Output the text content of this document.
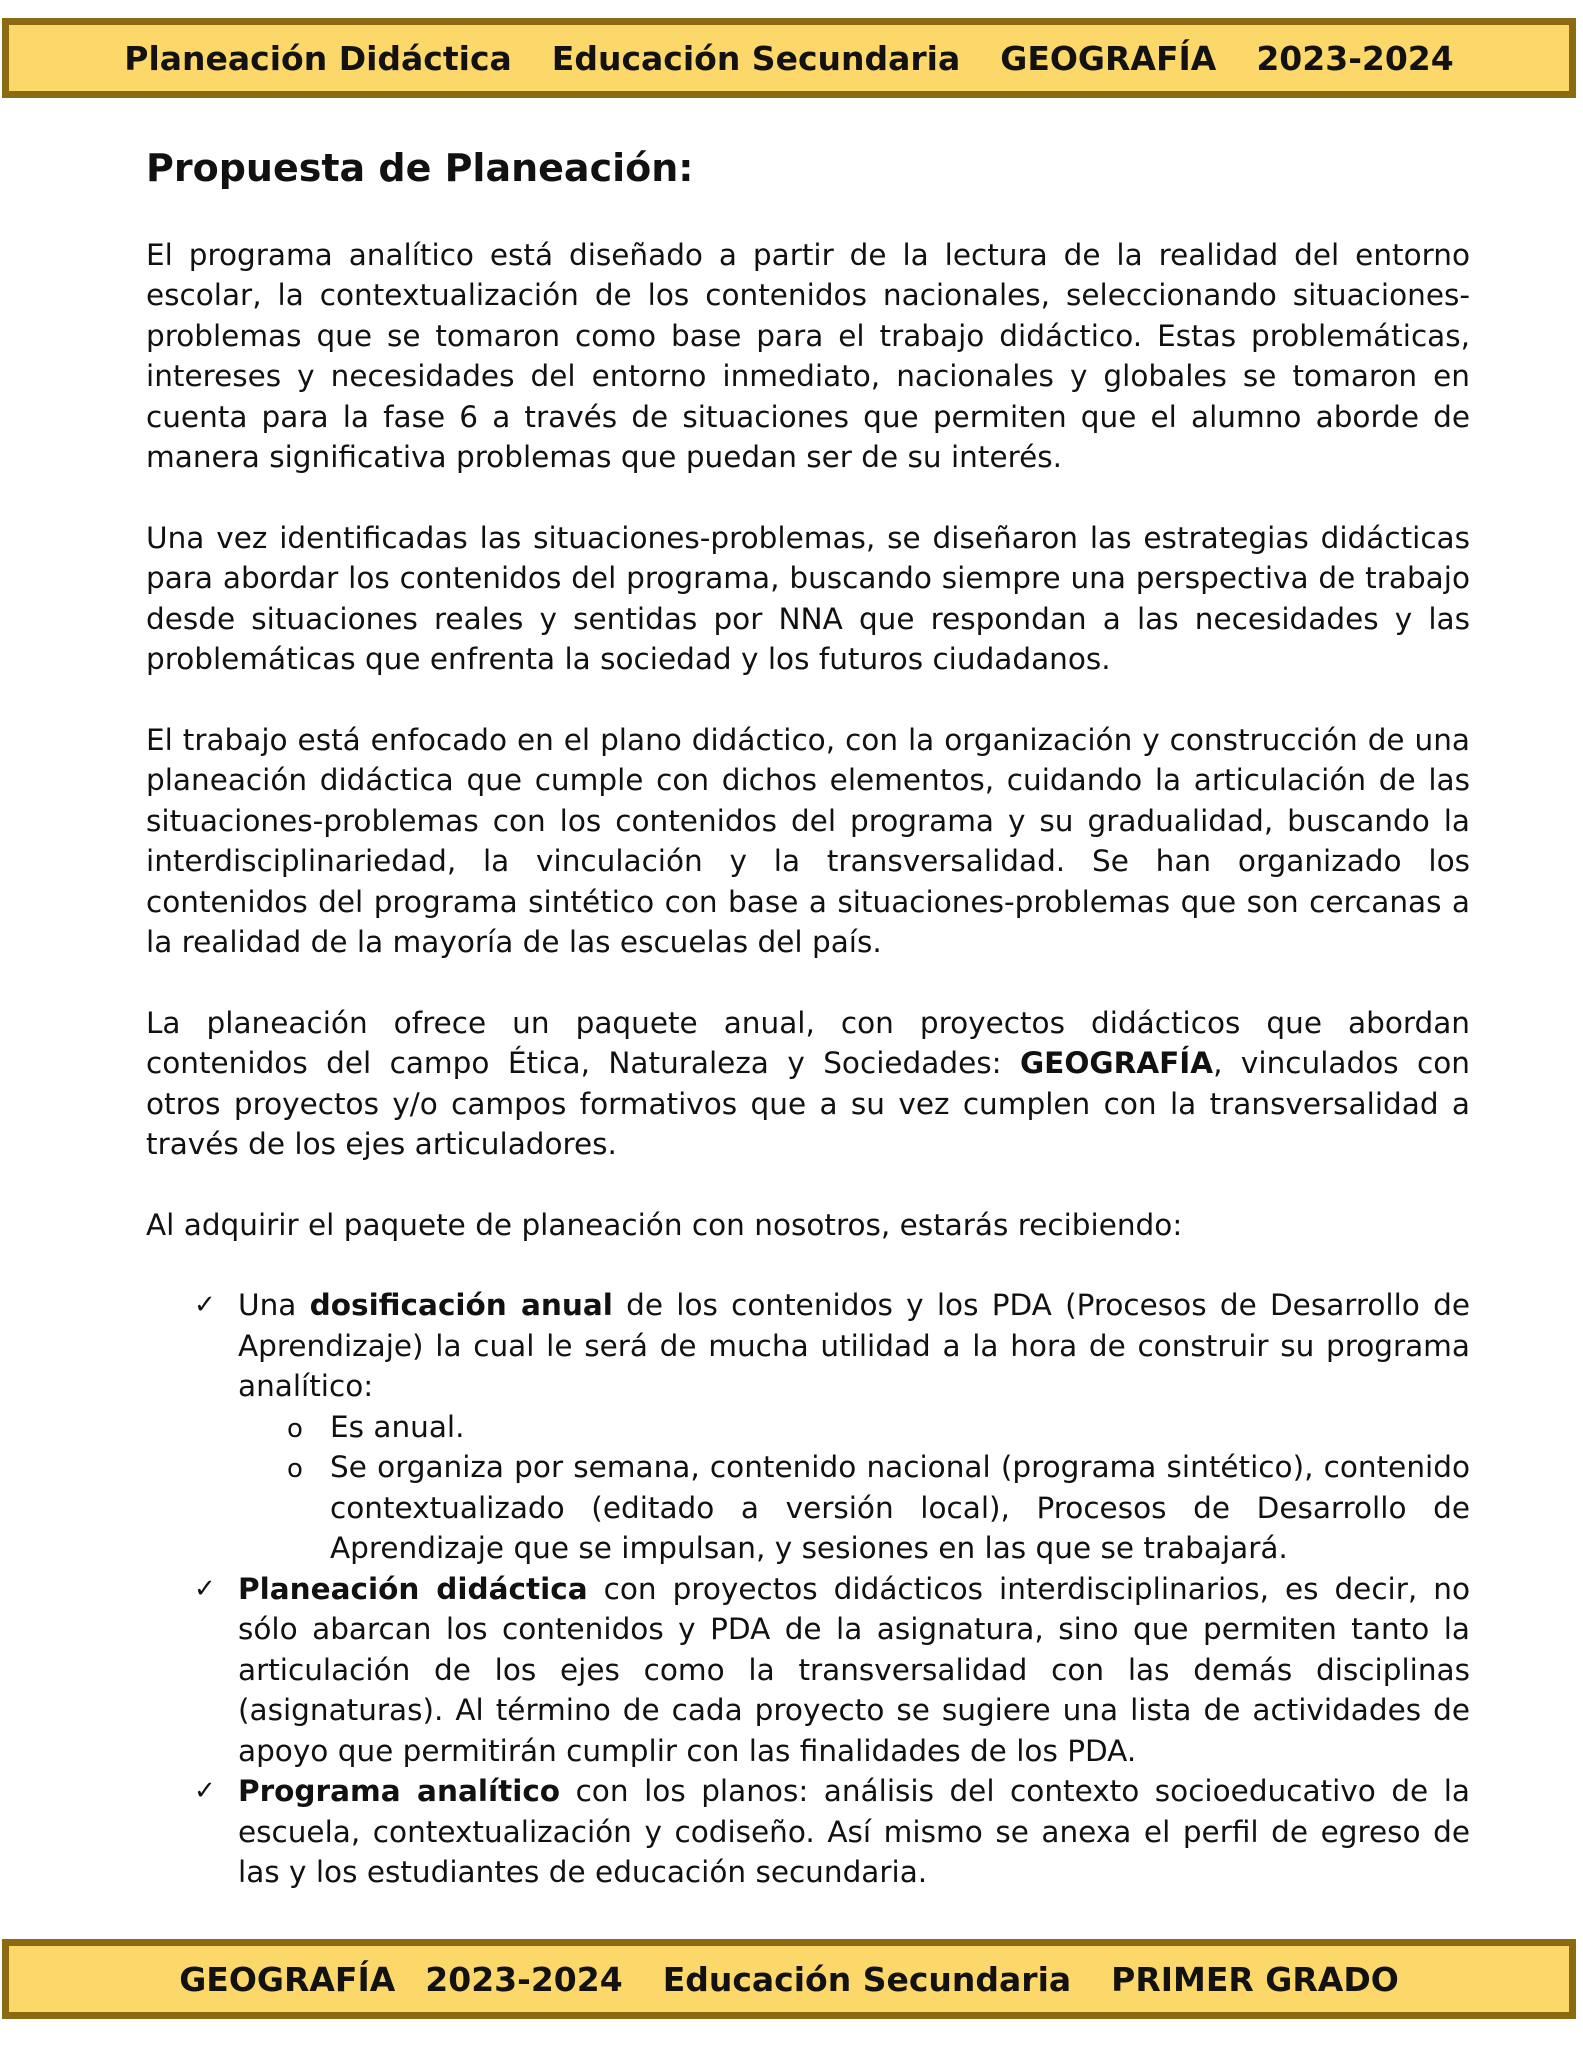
Planeación Didáctica Educación Secundaria GEOGRAFÍA 2023-2024
Propuesta de Planeación:

El programa analítico está diseñado a partir de la lectura de la realidad del entorno escolar, la contextualización de los contenidos nacionales, seleccionando situaciones-problemas que se tomaron como base para el trabajo didáctico. Estas problemáticas, intereses y necesidades del entorno inmediato, nacionales y globales se tomaron en cuenta para la fase 6 a través de situaciones que permiten que el alumno aborde de manera significativa problemas que puedan ser de su interés.

Una vez identificadas las situaciones-problemas, se diseñaron las estrategias didácticas para abordar los contenidos del programa, buscando siempre una perspectiva de trabajo desde situaciones reales y sentidas por NNA que respondan a las necesidades y las problemáticas que enfrenta la sociedad y los futuros ciudadanos.

El trabajo está enfocado en el plano didáctico, con la organización y construcción de una planeación didáctica que cumple con dichos elementos, cuidando la articulación de las situaciones-problemas con los contenidos del programa y su gradualidad, buscando la interdisciplinariedad, la vinculación y la transversalidad. Se han organizado los contenidos del programa sintético con base a situaciones-problemas que son cercanas a la realidad de la mayoría de las escuelas del país.

La planeación ofrece un paquete anual, con proyectos didácticos que abordan contenidos del campo Ética, Naturaleza y Sociedades: GEOGRAFÍA, vinculados con otros proyectos y/o campos formativos que a su vez cumplen con la transversalidad a través de los ejes articuladores.

Al adquirir el paquete de planeación con nosotros, estarás recibiendo:

✓ Una dosificación anual de los contenidos y los PDA (Procesos de Desarrollo de Aprendizaje) la cual le será de mucha utilidad a la hora de construir su programa analítico:
o Es anual.
o Se organiza por semana, contenido nacional (programa sintético), contenido contextualizado (editado a versión local), Procesos de Desarrollo de Aprendizaje que se impulsan, y sesiones en las que se trabajará.
✓ Planeación didáctica con proyectos didácticos interdisciplinarios, es decir, no sólo abarcan los contenidos y PDA de la asignatura, sino que permiten tanto la articulación de los ejes como la transversalidad con las demás disciplinas (asignaturas). Al término de cada proyecto se sugiere una lista de actividades de apoyo que permitirán cumplir con las finalidades de los PDA.
✓ Programa analítico con los planos: análisis del contexto socioeducativo de la escuela, contextualización y codiseño. Así mismo se anexa el perfil de egreso de las y los estudiantes de educación secundaria.
GEOGRAFÍA 2023-2024 Educación Secundaria PRIMER GRADO
